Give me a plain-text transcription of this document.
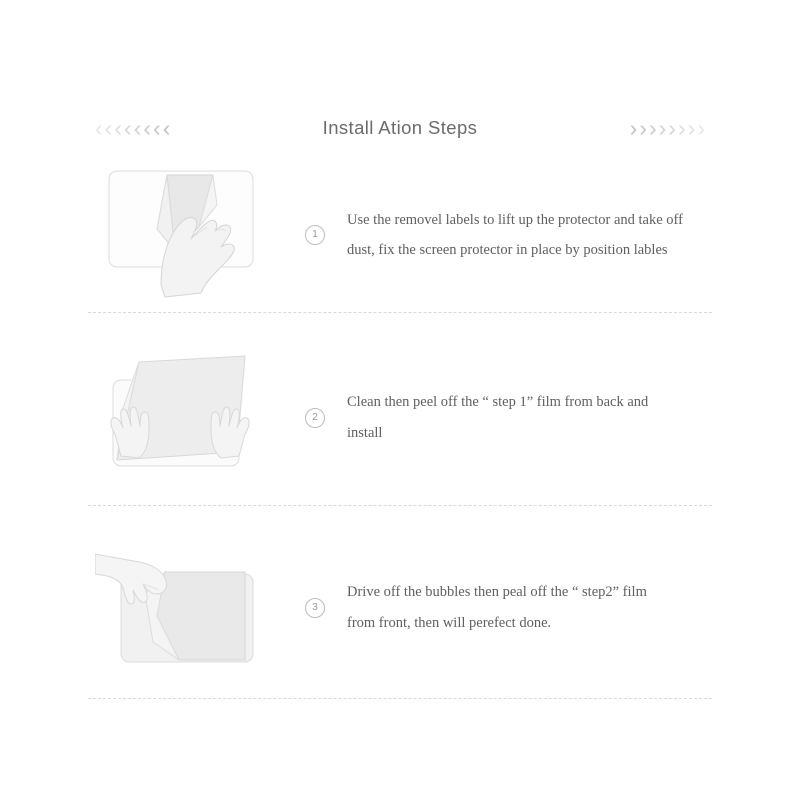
‹ ‹ ‹ ‹ ‹ ‹ ‹ ‹	Install Ation Steps	› › › › › › › ›
1

Use the removel labels to lift up the protector and take off

dust, fix the screen protector in place by position lables

2

Clean then peel off the “ step 1” film from back and

install

3

Drive off the bubbles then peal off the “ step2” film

from front, then will perefect done.
